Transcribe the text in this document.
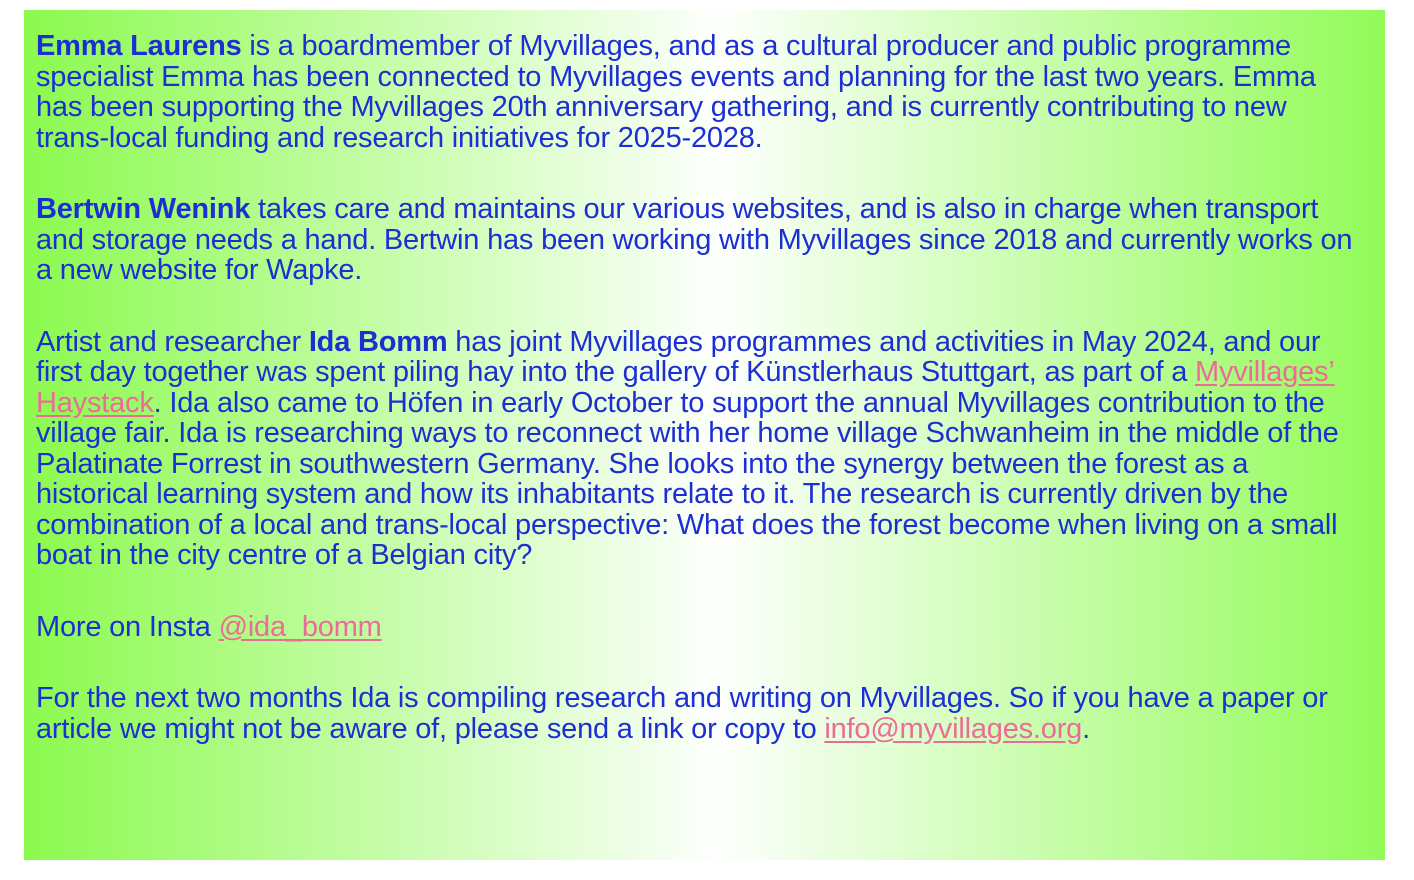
Emma Laurens is a boardmember of Myvillages, and as a cultural producer and public programme specialist Emma has been connected to Myvillages events and planning for the last two years. Emma has been supporting the Myvillages 20th anniversary gathering, and is currently contributing to new trans-local funding and research initiatives for 2025-2028.

Bertwin Wenink takes care and maintains our various websites, and is also in charge when transport and storage needs a hand. Bertwin has been working with Myvillages since 2018 and currently works on a new website for Wapke.

Artist and researcher Ida Bomm has joint Myvillages programmes and activities in May 2024, and our first day together was spent piling hay into the gallery of Künstlerhaus Stuttgart, as part of a Myvillages’ Haystack. Ida also came to Höfen in early October to support the annual Myvillages contribution to the village fair. Ida is researching ways to reconnect with her home village Schwanheim in the middle of the Palatinate Forrest in southwestern Germany. She looks into the synergy between the forest as a historical learning system and how its inhabitants relate to it. The research is currently driven by the combination of a local and trans-local perspective: What does the forest become when living on a small boat in the city centre of a Belgian city?

More on Insta @ida_bomm

For the next two months Ida is compiling research and writing on Myvillages. So if you have a paper or article we might not be aware of, please send a link or copy to info@myvillages.org.
